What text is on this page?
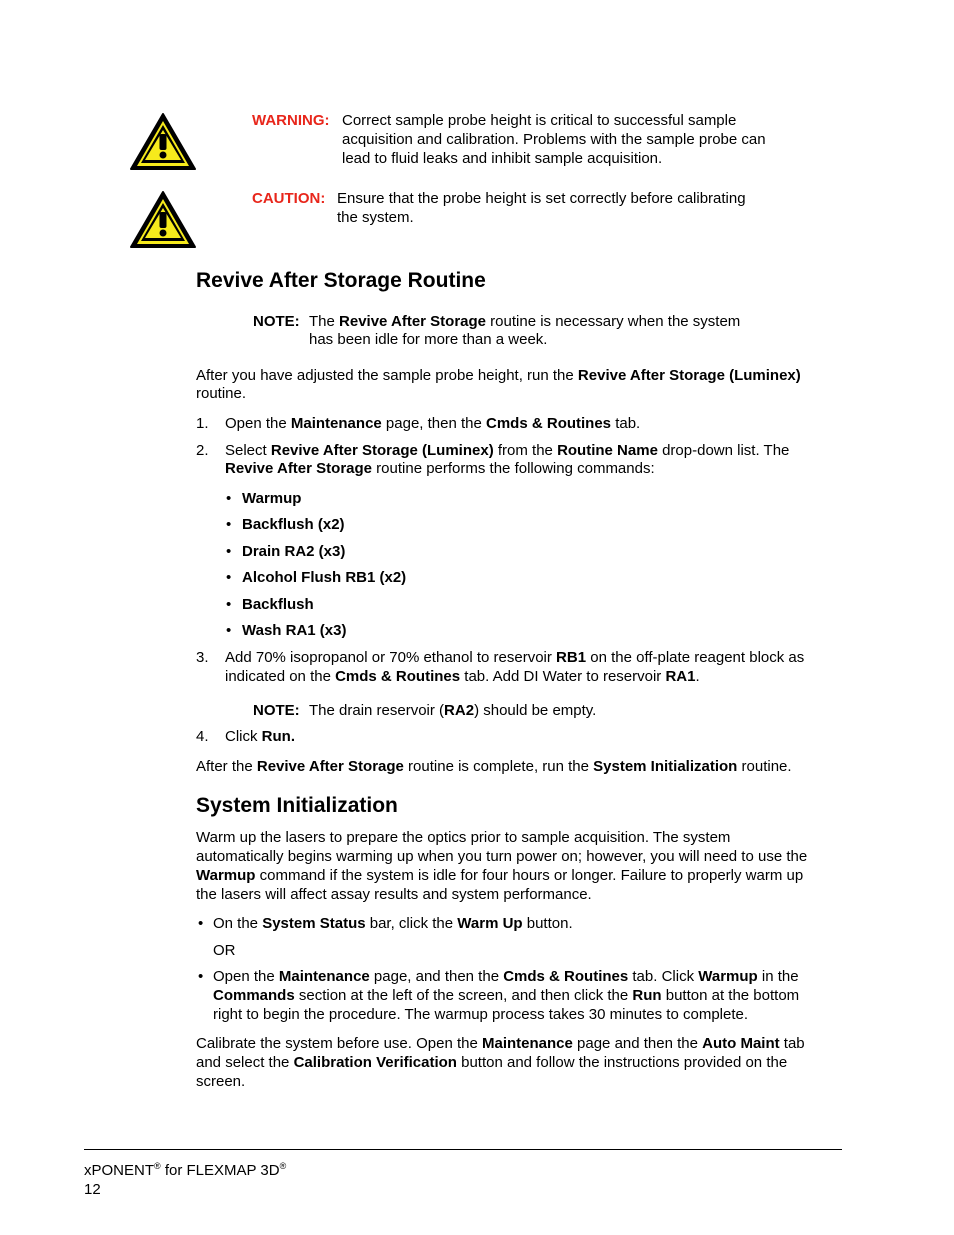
WARNING: Correct sample probe height is critical to successful sample
acquisition and calibration. Problems with the sample probe can
lead to fluid leaks and inhibit sample acquisition.
CAUTION: Ensure that the probe height is set correctly before calibrating
the system.
Revive After Storage Routine
NOTE: The Revive After Storage routine is necessary when the system
has been idle for more than a week.
After you have adjusted the sample probe height, run the Revive After Storage (Luminex)
routine.
1. Open the Maintenance page, then the Cmds & Routines tab.
2. Select Revive After Storage (Luminex) from the Routine Name drop-down list. The
Revive After Storage routine performs the following commands:
• Warmup
• Backflush (x2)
• Drain RA2 (x3)
• Alcohol Flush RB1 (x2)
• Backflush
• Wash RA1 (x3)
3. Add 70% isopropanol or 70% ethanol to reservoir RB1 on the off-plate reagent block as
indicated on the Cmds & Routines tab. Add DI Water to reservoir RA1.
NOTE: The drain reservoir (RA2) should be empty.
4. Click Run.
After the Revive After Storage routine is complete, run the System Initialization routine.
System Initialization
Warm up the lasers to prepare the optics prior to sample acquisition. The system
automatically begins warming up when you turn power on; however, you will need to use the
Warmup command if the system is idle for four hours or longer. Failure to properly warm up
the lasers will affect assay results and system performance.
• On the System Status bar, click the Warm Up button.
OR
• Open the Maintenance page, and then the Cmds & Routines tab. Click Warmup in the
Commands section at the left of the screen, and then click the Run button at the bottom
right to begin the procedure. The warmup process takes 30 minutes to complete.
Calibrate the system before use. Open the Maintenance page and then the Auto Maint tab
and select the Calibration Verification button and follow the instructions provided on the
screen.
xPONENT® for FLEXMAP 3D®
12
